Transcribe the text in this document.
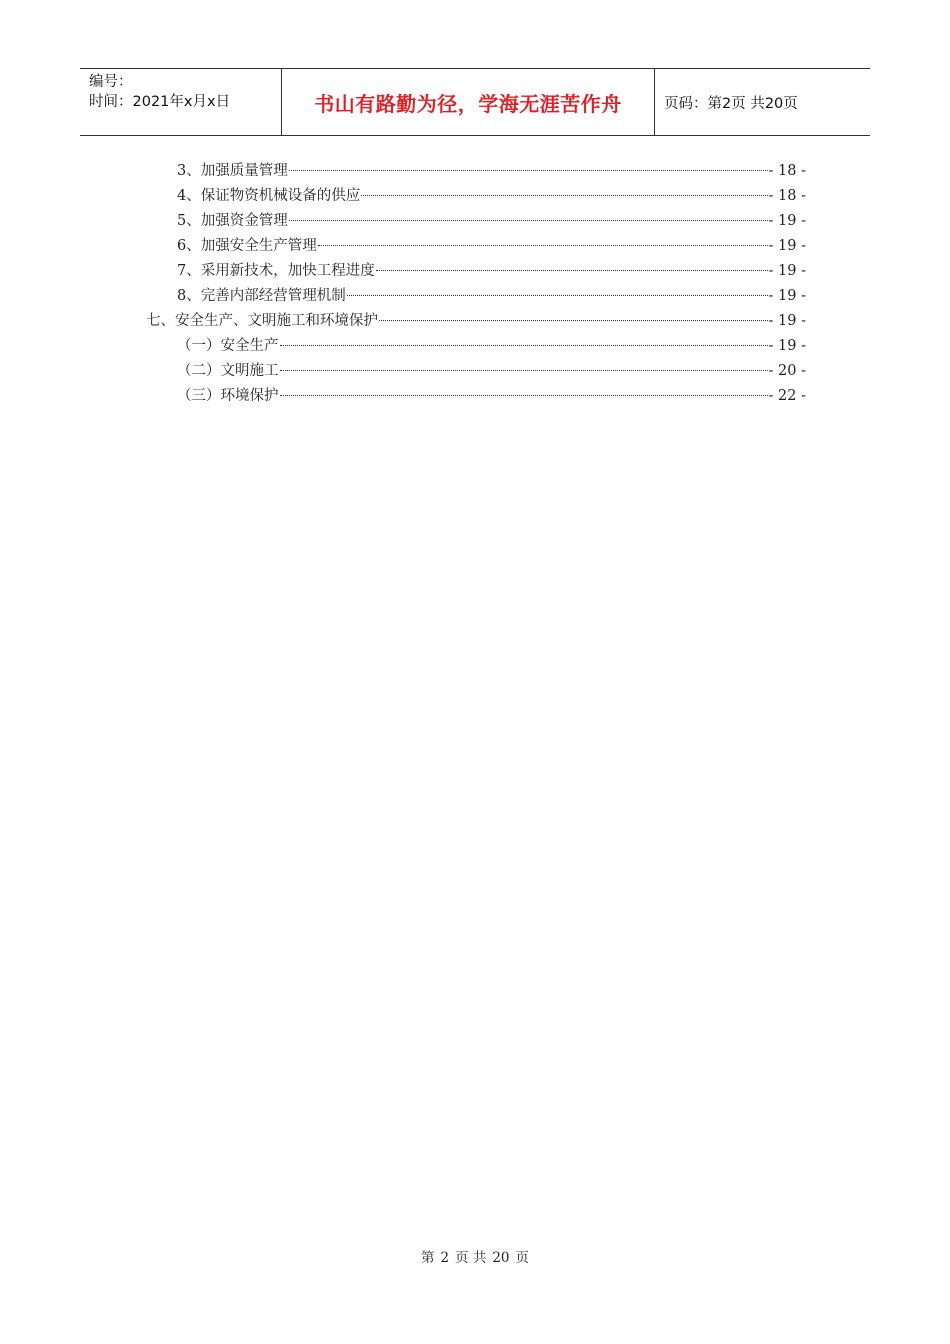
编号：
时间：2021年x月x日	书山有路勤为径，学海无涯苦作舟	页码：第2页 共20页
3、加强质量管理	- 18 -
4、保证物资机械设备的供应	- 18 -
5、加强资金管理	- 19 -
6、加强安全生产管理	- 19 -
7、采用新技术，加快工程进度	- 19 -
8、完善内部经营管理机制	- 19 -
七、安全生产、文明施工和环境保护	- 19 -
（一）安全生产	- 19 -
（二）文明施工	- 20 -
（三）环境保护	- 22 -
第 2 页 共 20 页
